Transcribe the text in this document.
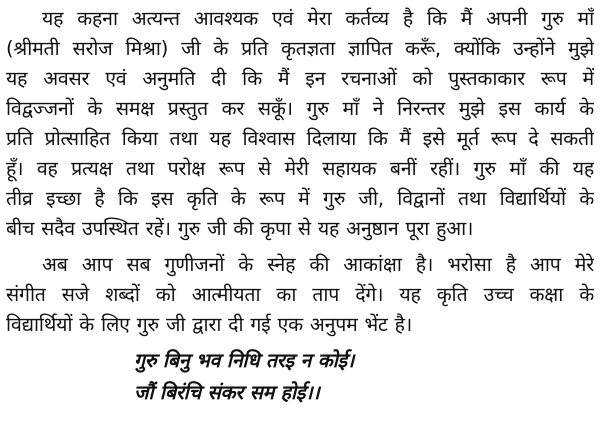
यह कहना अत्यन्त आवश्यक एवं मेरा कर्तव्य है कि मैं अपनी गुरु माँ
(श्रीमती सरोज मिश्रा) जी के प्रति कृतज्ञता ज्ञापित करूँ, क्योंकि उन्होंने मुझे
यह अवसर एवं अनुमति दी कि मैं इन रचनाओं को पुस्तकाकार रूप में
विद्वज्जनों के समक्ष प्रस्तुत कर सकूँ। गुरु माँ ने निरन्तर मुझे इस कार्य के
प्रति प्रोत्साहित किया तथा यह विश्वास दिलाया कि मैं इसे मूर्त रूप दे सकती
हूँ। वह प्रत्यक्ष तथा परोक्ष रूप से मेरी सहायक बनीं रहीं। गुरु माँ की यह
तीव्र इच्छा है कि इस कृति के रूप में गुरु जी, विद्वानों तथा विद्यार्थियों के
बीच सदैव उपस्थित रहें। गुरु जी की कृपा से यह अनुष्ठान पूरा हुआ।
अब आप सब गुणीजनों के स्नेह की आकांक्षा है। भरोसा है आप मेरे
संगीत सजे शब्दों को आत्मीयता का ताप देंगे। यह कृति उच्च कक्षा के
विद्यार्थियों के लिए गुरु जी द्वारा दी गई एक अनुपम भेंट है।
गुरु बिनु भव निधि तरइ न कोई।
जौं बिरंचि संकर सम होई।।
